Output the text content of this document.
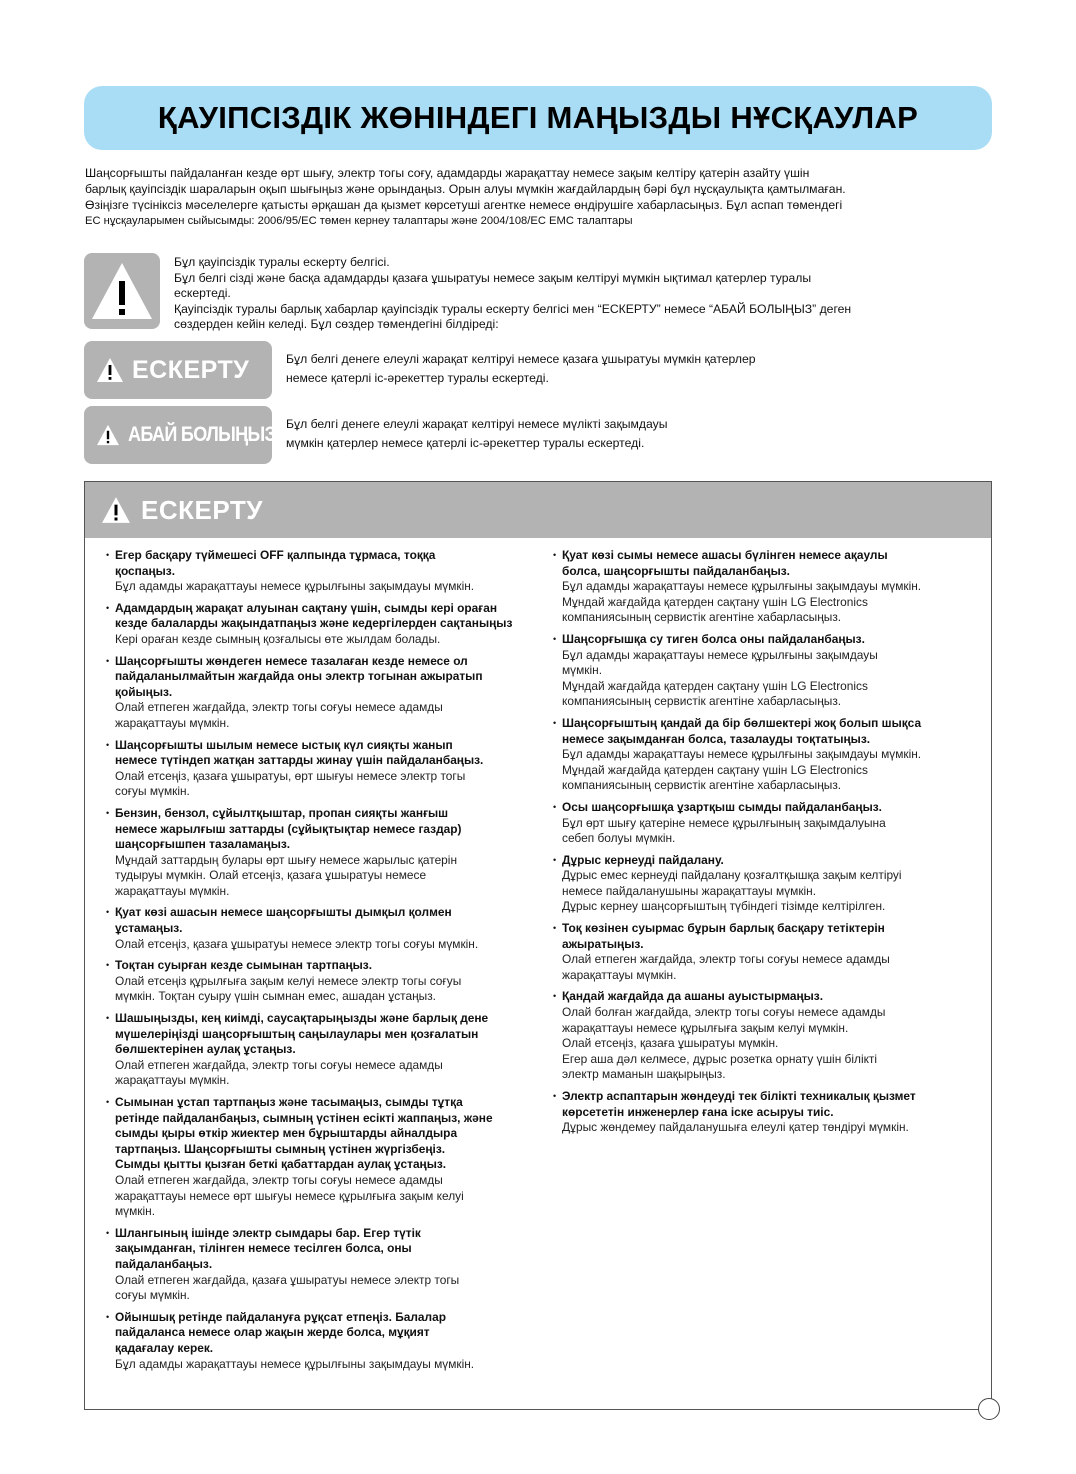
ҚАУІПСІЗДІК ЖӨНІНДЕГІ МАҢЫЗДЫ НҰСҚАУЛАР

Шаңсорғышты пайдаланған кезде өрт шығу, электр тогы соғу, адамдарды жарақаттау немесе зақым келтіру қатерін азайту үшін

барлық қауіпсіздік шараларын оқып шығыңыз және орындаңыз. Орын алуы мүмкін жағдайлардың бәрі бұл нұсқаулықта қамтылмаған.

Өзіңізге түсініксіз мәселелерге қатысты әрқашан да қызмет көрсетуші агентке немесе өндірушіге хабарласыңыз. Бұл аспап төмендегі

ЕС нұсқауларымен сыйысымды: 2006/95/ЕС төмен кернеу талаптары және 2004/108/ЕС ЕМС талаптары

Бұл қауіпсіздік туралы ескерту белгісі.
Бұл белгі сізді және басқа адамдарды қазаға ұшыратуы немесе зақым келтіруі мүмкін ықтимал қатерлер туралы
ескертеді.
Қауіпсіздік туралы барлық хабарлар қауіпсіздік туралы ескерту белгісі мен “ЕСКЕРТУ” немесе “АБАЙ БОЛЫҢЫЗ” деген
сөздерден кейін келеді. Бұл сөздер төмендегіні білдіреді:
ЕСКЕРТУ	Бұл белгі денеге елеулі жарақат келтіруі немесе қазаға ұшыратуы мүмкін қатерлер
немесе қатерлі іс-әрекеттер туралы ескертеді.
АБАЙ БОЛЫҢЫЗ Бұл белгі денеге елеулі жарақат келтіруі немесе мүлікті зақымдауы
мүмкін қатерлер немесе қатерлі іс-әрекеттер туралы ескертеді.
ЕСКЕРТУ
• Егер басқару түймешесі OFF қалпында тұрмаса, тоққа
қоспаңыз.
Бұл адамды жарақаттауы немесе құрылғыны зақымдауы мүмкін.
• Адамдардың жарақат алуынан сақтану үшін, сымды кері ораған
кезде балаларды жақындатпаңыз және кедергілерден сақтаныңыз
Кері ораған кезде сымның қозғалысы өте жылдам болады.
• Шаңсорғышты жөндеген немесе тазалаған кезде немесе ол
пайдаланылмайтын жағдайда оны электр тогынан ажыратып
қойыңыз.
Олай етпеген жағдайда, электр тогы соғуы немесе адамды
жарақаттауы мүмкін.
• Шаңсорғышты шылым немесе ыстық күл сияқты жанып
немесе түтіндеп жатқан заттарды жинау үшін пайдаланбаңыз.
Олай етсеңіз, қазаға ұшыратуы, өрт шығуы немесе электр тогы
соғуы мүмкін.
• Бензин, бензол, сұйылтқыштар, пропан сияқты жанғыш
немесе жарылғыш заттарды (сұйықтықтар немесе газдар)
шаңсорғышпен тазаламаңыз.
Мұндай заттардың булары өрт шығу немесе жарылыс қатерін
тудыруы мүмкін. Олай етсеңіз, қазаға ұшыратуы немесе
жарақаттауы мүмкін.
• Қуат көзі ашасын немесе шаңсорғышты дымқыл қолмен
ұстамаңыз.
Олай етсеңіз, қазаға ұшыратуы немесе электр тогы соғуы мүмкін.
• Тоқтан суырған кезде сымынан тартпаңыз.
Олай етсеңіз құрылғыға зақым келуі немесе электр тогы соғуы
мүмкін. Тоқтан суыру үшін сымнан емес, ашадан ұстаңыз.
• Шашыңызды, кең киімді, саусақтарыңызды және барлық дене
мүшелеріңізді шаңсорғыштың саңылаулары мен қозғалатын
бөлшектерінен аулақ ұстаңыз.
Олай етпеген жағдайда, электр тогы соғуы немесе адамды
жарақаттауы мүмкін.
• Сымынан ұстап тартпаңыз және тасымаңыз, сымды тұтқа
ретінде пайдаланбаңыз, сымның үстінен есікті жаппаңыз, және
сымды қыры өткір жиектер мен бұрыштарды айналдыра
тартпаңыз. Шаңсорғышты сымның үстінен жүргізбеңіз.
Сымды қытты қызған беткі қабаттардан аулақ ұстаңыз.
Олай етпеген жағдайда, электр тогы соғуы немесе адамды
жарақаттауы немесе өрт шығуы немесе құрылғыға зақым келуі
мүмкін.
• Шлангының ішінде электр сымдары бар. Егер түтік
зақымданған, тілінген немесе тесілген болса, оны
пайдаланбаңыз.
Олай етпеген жағдайда, қазаға ұшыратуы немесе электр тогы
соғуы мүмкін.
• Ойыншық ретінде пайдалануға рұқсат етпеңіз. Балалар
пайдаланса немесе олар жақын жерде болса, мұқият
қадағалау керек.
Бұл адамды жарақаттауы немесе құрылғыны зақымдауы мүмкін.
• Қуат көзі сымы немесе ашасы бүлінген немесе ақаулы
болса, шаңсорғышты пайдаланбаңыз.
Бұл адамды жарақаттауы немесе құрылғыны зақымдауы мүмкін.
Мұндай жағдайда қатерден сақтану үшін LG Electronics
компаниясының сервистік агентіне хабарласыңыз.
• Шаңсорғышқа су тиген болса оны пайдаланбаңыз.
Бұл адамды жарақаттауы немесе құрылғыны зақымдауы
мүмкін.
Мұндай жағдайда қатерден сақтану үшін LG Electronics
компаниясының сервистік агентіне хабарласыңыз.
• Шаңсорғыштың қандай да бір бөлшектері жоқ болып шықса
немесе зақымданған болса, тазалауды тоқтатыңыз.
Бұл адамды жарақаттауы немесе құрылғыны зақымдауы мүмкін.
Мұндай жағдайда қатерден сақтану үшін LG Electronics
компаниясының сервистік агентіне хабарласыңыз.
• Осы шаңсорғышқа ұзартқыш сымды пайдаланбаңыз.
Бұл өрт шығу қатеріне немесе құрылғының зақымдалуына
себеп болуы мүмкін.
• Дұрыс кернеуді пайдалану.
Дұрыс емес кернеуді пайдалану қозғалтқышқа зақым келтіруі
немесе пайдаланушыны жарақаттауы мүмкін.
Дұрыс кернеу шаңсорғыштың түбіндегі тізімде келтірілген.
• Тоқ көзінен суырмас бұрын барлық басқару тетіктерін
ажыратыңыз.
Олай етпеген жағдайда, электр тогы соғуы немесе адамды
жарақаттауы мүмкін.
• Қандай жағдайда да ашаны ауыстырмаңыз.
Олай болған жағдайда, электр тогы соғуы немесе адамды
жарақаттауы немесе құрылғыға зақым келуі мүмкін.
Олай етсеңіз, қазаға ұшыратуы мүмкін.
Егер аша дәл келмесе, дұрыс розетка орнату үшін білікті
электр маманын шақырыңыз.
• Электр аспаптарын жөндеуді тек білікті техникалық қызмет
көрсететін инженерлер ғана іске асыруы тиіс.
Дұрыс жөндемеу пайдаланушыға елеулі қатер төндіруі мүмкін.
